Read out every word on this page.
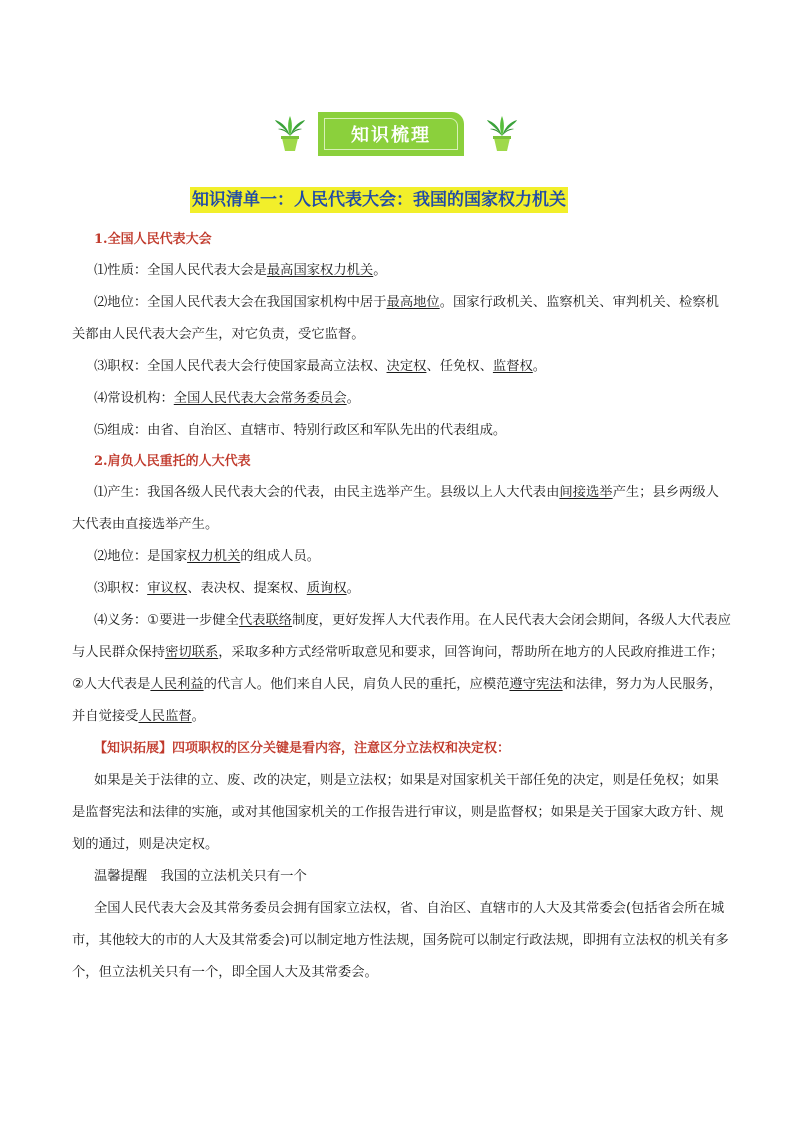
知识梳理
知识清单一：人民代表大会：我国的国家权力机关
1.全国人民代表大会

⑴性质：全国人民代表大会是最高国家权力机关。

⑵地位：全国人民代表大会在我国国家机构中居于最高地位。国家行政机关、监察机关、审判机关、检察机关都由人民代表大会产生，对它负责，受它监督。

⑶职权：全国人民代表大会行使国家最高立法权、决定权、任免权、监督权。

⑷常设机构：全国人民代表大会常务委员会。

⑸组成：由省、自治区、直辖市、特别行政区和军队先出的代表组成。

2.肩负人民重托的人大代表

⑴产生：我国各级人民代表大会的代表，由民主选举产生。县级以上人大代表由间接选举产生；县乡两级人大代表由直接选举产生。

⑵地位：是国家权力机关的组成人员。

⑶职权：审议权、表决权、提案权、质询权。

⑷义务：①要进一步健全代表联络制度，更好发挥人大代表作用。在人民代表大会闭会期间，各级人大代表应与人民群众保持密切联系，采取多种方式经常听取意见和要求，回答询问，帮助所在地方的人民政府推进工作；②人大代表是人民利益的代言人。他们来自人民，肩负人民的重托，应模范遵守宪法和法律，努力为人民服务，并自觉接受人民监督。

【知识拓展】四项职权的区分关键是看内容，注意区分立法权和决定权：

如果是关于法律的立、废、改的决定，则是立法权；如果是对国家机关干部任免的决定，则是任免权；如果是监督宪法和法律的实施，或对其他国家机关的工作报告进行审议，则是监督权；如果是关于国家大政方针、规划的通过，则是决定权。

温馨提醒　我国的立法机关只有一个

全国人民代表大会及其常务委员会拥有国家立法权，省、自治区、直辖市的人大及其常委会(包括省会所在城市，其他较大的市的人大及其常委会)可以制定地方性法规，国务院可以制定行政法规，即拥有立法权的机关有多个，但立法机关只有一个，即全国人大及其常委会。
